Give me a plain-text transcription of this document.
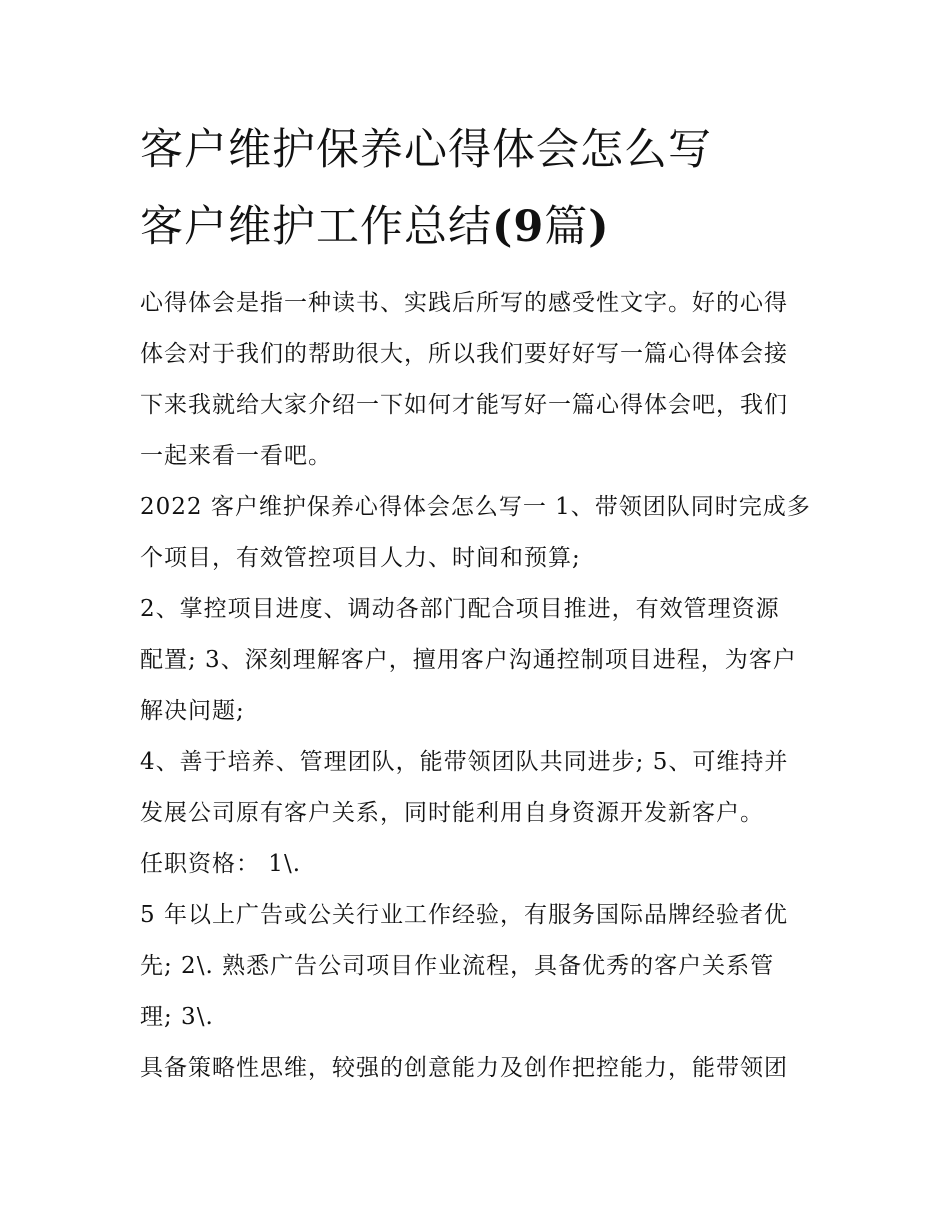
客户维护保养心得体会怎么写
客户维护工作总结(9篇)

心得体会是指一种读书、实践后所写的感受性文字。好的心得
体会对于我们的帮助很大，所以我们要好好写一篇心得体会接
下来我就给大家介绍一下如何才能写好一篇心得体会吧，我们
一起来看一看吧。

2022 客户维护保养心得体会怎么写一 1、带领团队同时完成多
个项目，有效管控项目人力、时间和预算;

2、掌控项目进度、调动各部门配合项目推进，有效管理资源
配置; 3、深刻理解客户，擅用客户沟通控制项目进程，为客户
解决问题;

4、善于培养、管理团队，能带领团队共同进步; 5、可维持并
发展公司原有客户关系，同时能利用自身资源开发新客户。

任职资格： 1\.

5 年以上广告或公关行业工作经验，有服务国际品牌经验者优
先; 2\. 熟悉广告公司项目作业流程，具备优秀的客户关系管
理; 3\.

具备策略性思维，较强的创意能力及创作把控能力，能带领团
